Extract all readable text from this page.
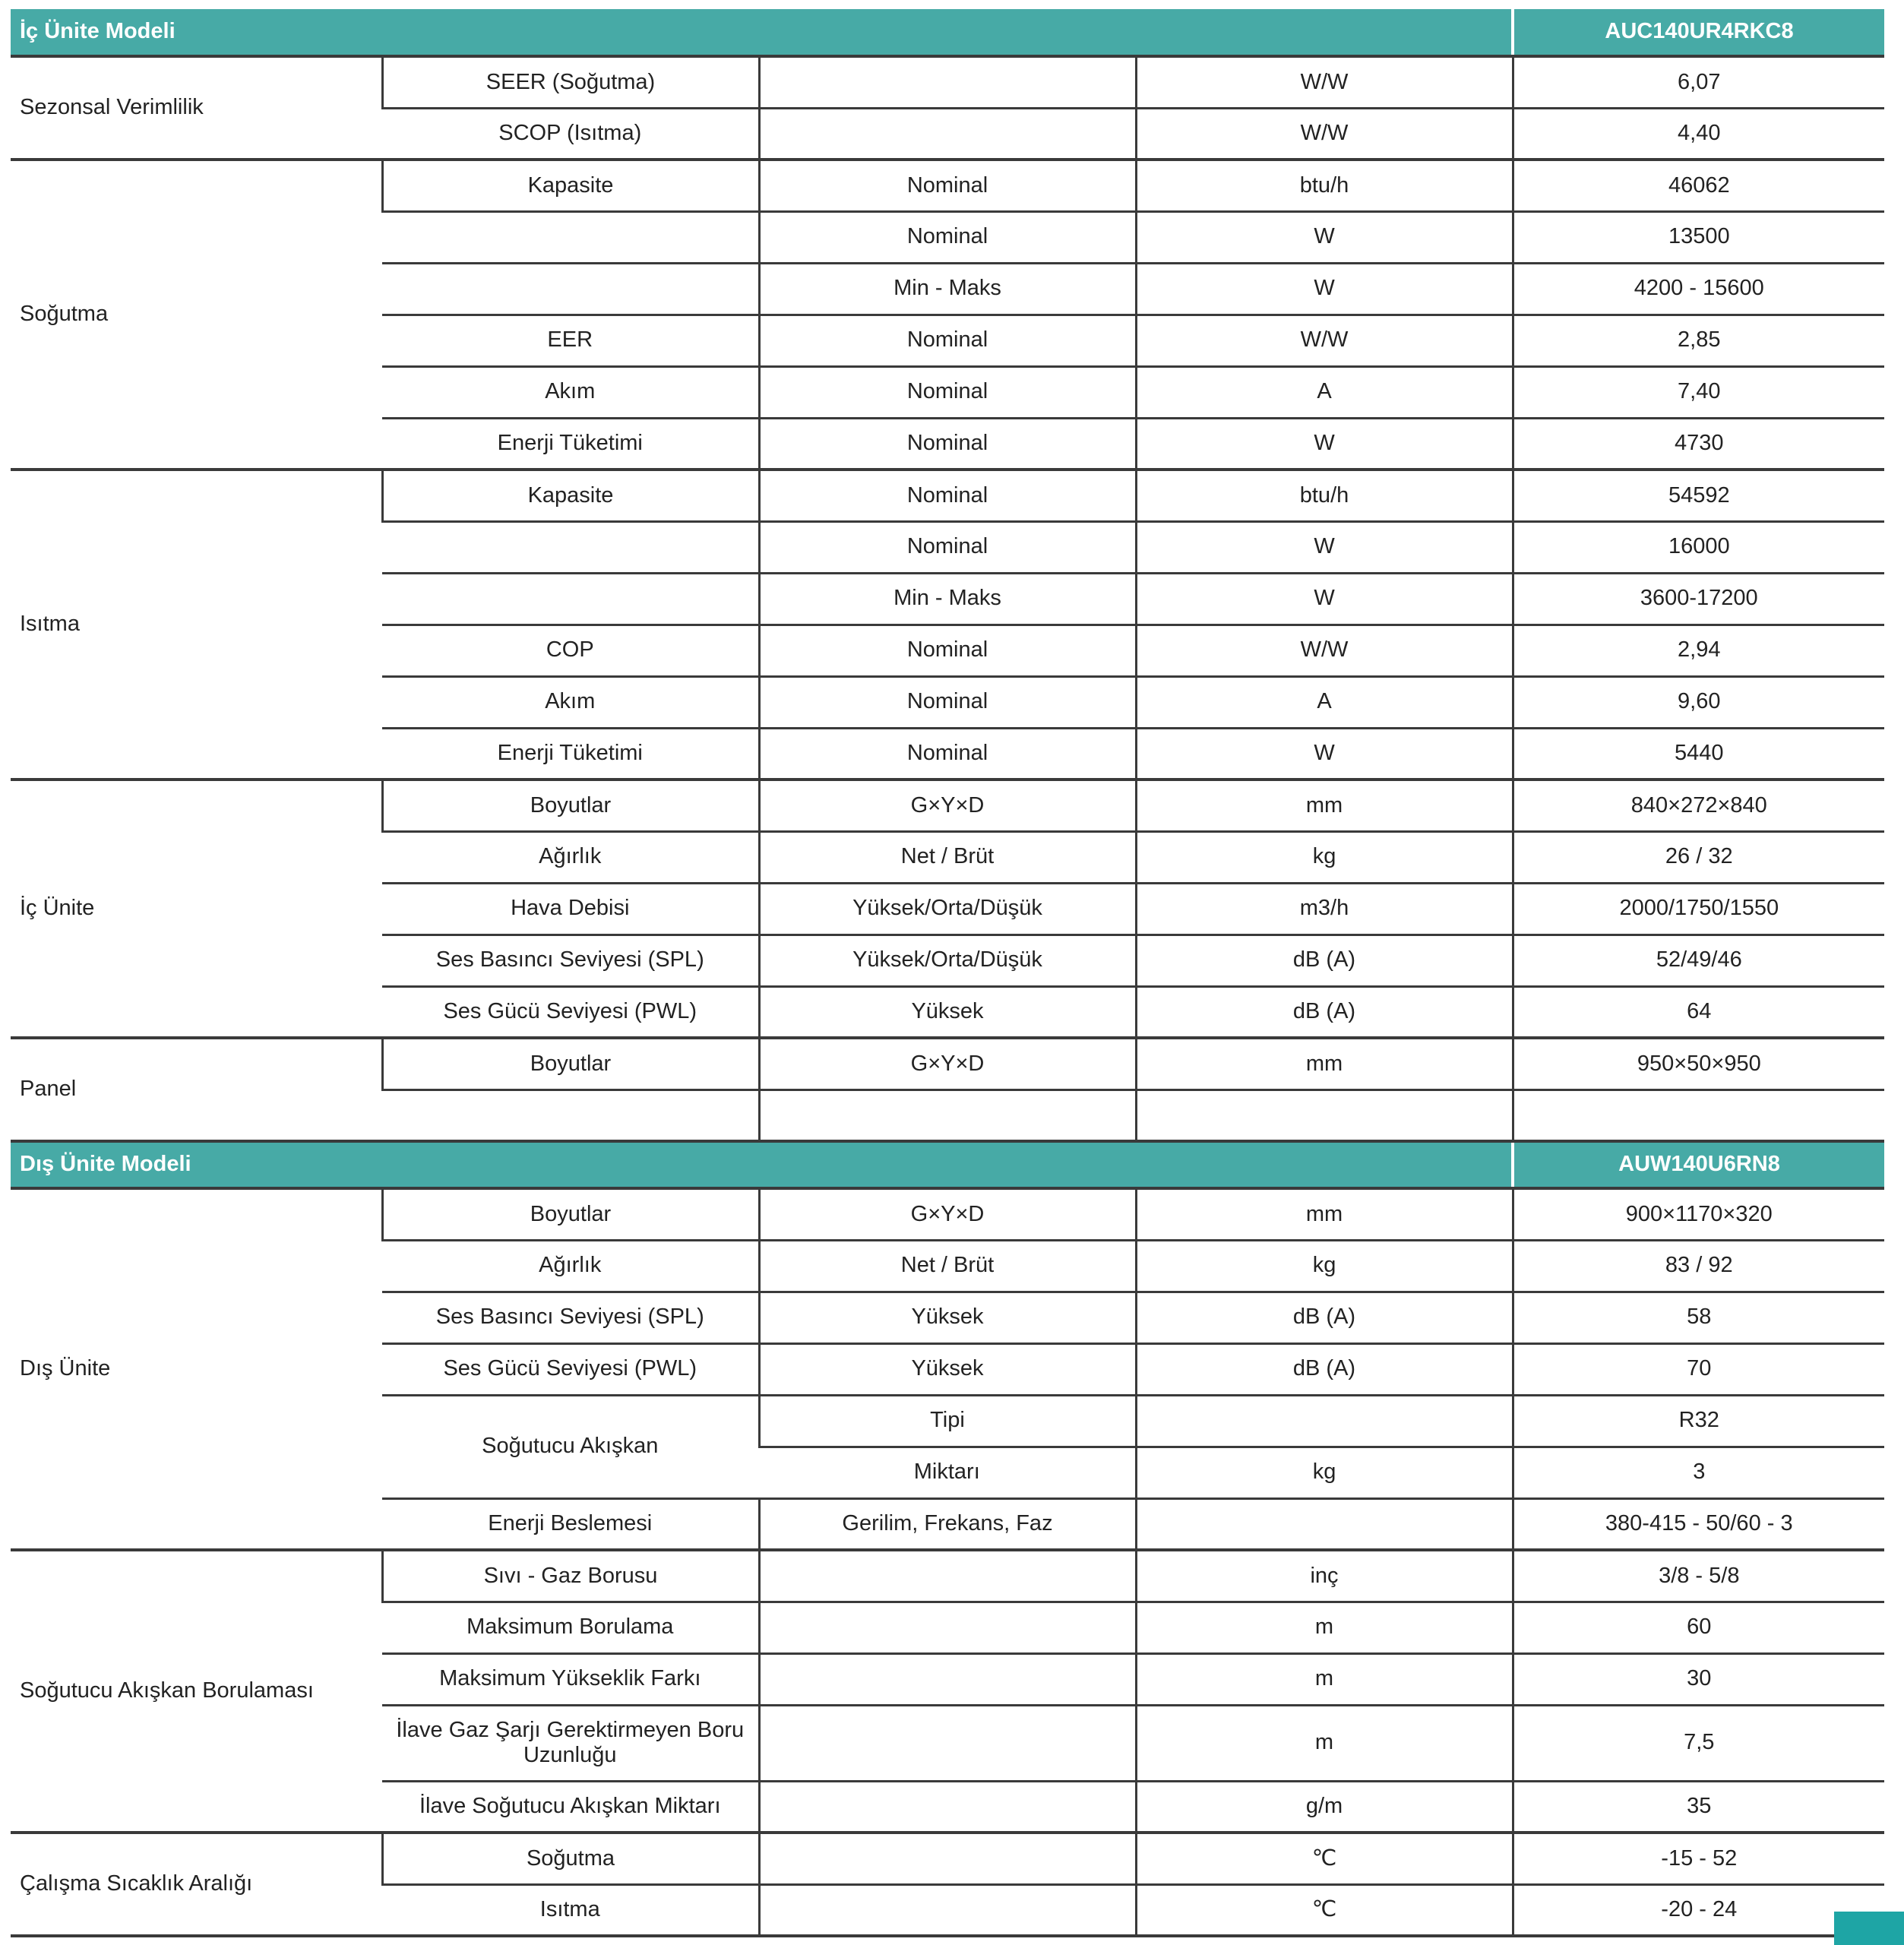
İç Ünite Modeli				AUC140UR4RKC8
Sezonsal Verimlilik	SEER (Soğutma)		W/W	6,07
	SCOP (Isıtma)		W/W	4,40
Soğutma	Kapasite	Nominal	btu/h	46062
		Nominal	W	13500
		Min - Maks	W	4200 - 15600
	EER	Nominal	W/W	2,85
	Akım	Nominal	A	7,40
	Enerji Tüketimi	Nominal	W	4730
Isıtma	Kapasite	Nominal	btu/h	54592
		Nominal	W	16000
		Min - Maks	W	3600-17200
	COP	Nominal	W/W	2,94
	Akım	Nominal	A	9,60
	Enerji Tüketimi	Nominal	W	5440
İç Ünite	Boyutlar	G×Y×D	mm	840×272×840
	Ağırlık	Net / Brüt	kg	26 / 32
	Hava Debisi	Yüksek/Orta/Düşük	m3/h	2000/1750/1550
	Ses Basıncı Seviyesi (SPL)	Yüksek/Orta/Düşük	dB (A)	52/49/46
	Ses Gücü Seviyesi (PWL)	Yüksek	dB (A)	64
Panel	Boyutlar	G×Y×D	mm	950×50×950

Dış Ünite Modeli				AUW140U6RN8
Dış Ünite	Boyutlar	G×Y×D	mm	900×1170×320
	Ağırlık	Net / Brüt	kg	83 / 92
	Ses Basıncı Seviyesi (SPL)	Yüksek	dB (A)	58
	Ses Gücü Seviyesi (PWL)	Yüksek	dB (A)	70
	Soğutucu Akışkan	Tipi		R32
		Miktarı	kg	3
	Enerji Beslemesi	Gerilim, Frekans, Faz		380-415 - 50/60 - 3
Soğutucu Akışkan Borulaması	Sıvı - Gaz Borusu		inç	3/8 - 5/8
	Maksimum Borulama		m	60
	Maksimum Yükseklik Farkı		m	30
	İlave Gaz Şarjı Gerektirmeyen Boru Uzunluğu		m	7,5
	İlave Soğutucu Akışkan Miktarı		g/m	35
Çalışma Sıcaklık Aralığı	Soğutma		℃	-15 - 52
	Isıtma		℃	-20 - 24
